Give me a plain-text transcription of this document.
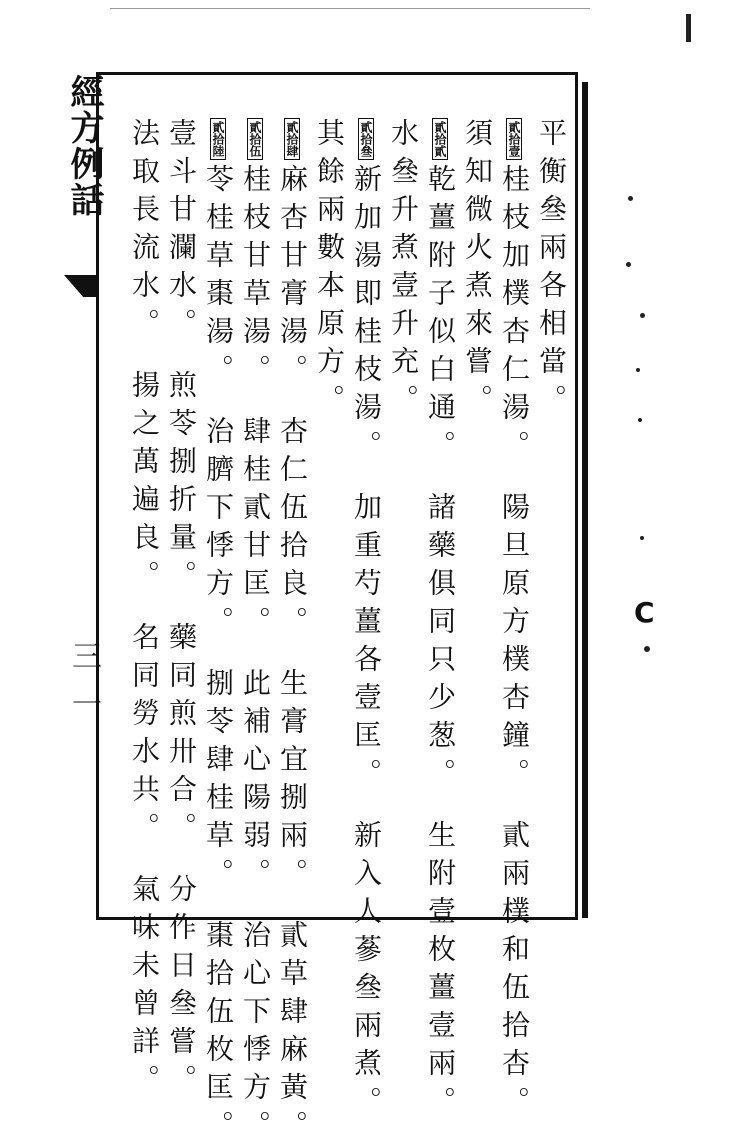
C
經方例話
三一
平衡叄兩各相當。
貳拾壹桂枝加樸杏仁湯。　陽旦原方樸杏鐘。　貳兩樸和伍拾杏。
須知微火煮來嘗。
貳拾貳乾薑附子似白通。　諸藥俱同只少葱。　生附壹枚薑壹兩。
水叄升煮壹升充。
貳拾叄新加湯即桂枝湯。　加重芍薑各壹匡。　新入人蔘叄兩煮。
其餘兩數本原方。
貳拾肆麻杏甘膏湯。　杏仁伍拾良。　生膏宜捌兩。　貳草肆麻黃。
貳拾伍桂枝甘草湯。　肆桂貳甘匡。　此補心陽弱。　治心下悸方。
貳拾陸苓桂草棗湯。　治臍下悸方。　捌苓肆桂草。　棗拾伍枚匡。
壹斗甘瀾水。　煎苓捌折量。　藥同煎卅合。　分作日叄嘗。
法取長流水。　揚之萬遍良。　名同勞水共。　氣味未曾詳。
